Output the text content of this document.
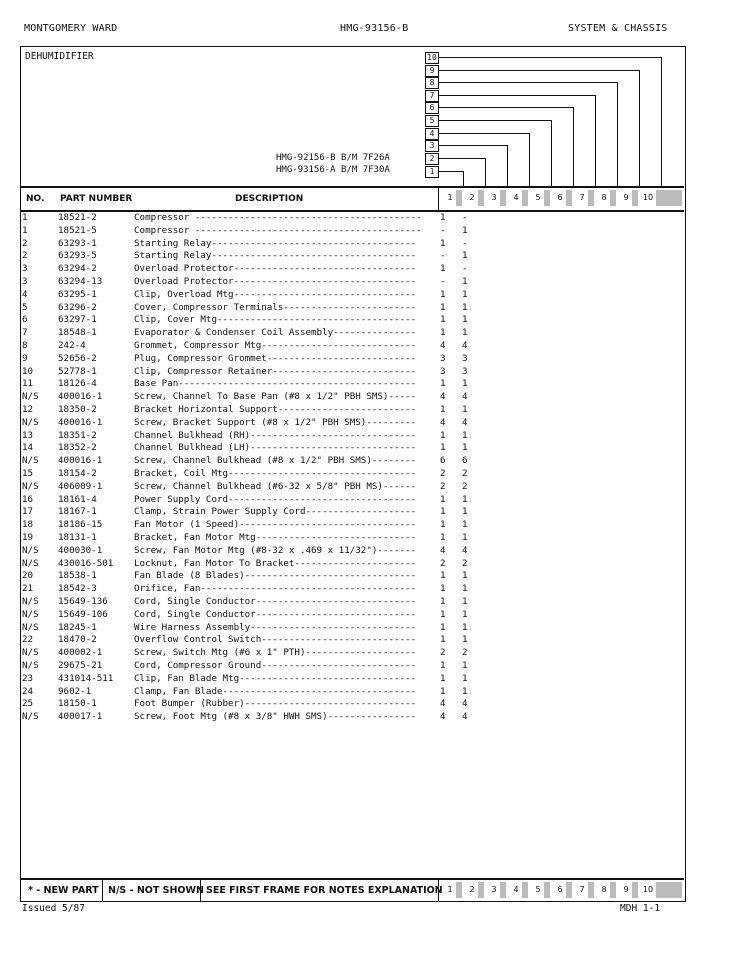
MONTGOMERY WARD	HMG-93156-B	SYSTEM & CHASSIS
DEHUMIDIFIER
HMG-92156-B B/M 7F26A
HMG-93156-A B/M 7F30A
10
9
8
7
6
5
4
3
2
1
NO. PART NUMBER	DESCRIPTION	1	2	3	4	5	6	7	8	9	10
1	18521-2	Compressor ----------------------------------------- 1 -
1	18521-5	Compressor ----------------------------------------- - 1
2	63293-1	Starting Relay-------------------------------------	1 -
2	63293-5	Starting Relay-------------------------------------	- 1
3	63294-2	Overload Protector---------------------------------	1 -
3	63294-13	Overload Protector---------------------------------	- 1
4	63295-1	Clip, Overload Mtg---------------------------------	1 1
5	63296-2	Cover, Compressor Terminals------------------------	1 1
6	63297-1	Clip, Cover Mtg------------------------------------	1 1
7	18548-1	Evaporator & Condenser Coil Assembly---------------	1 1
8	242-4	Grommet, Compressor Mtg----------------------------	4 4
9	52656-2	Plug, Compressor Grommet---------------------------	3 3
10	52778-1	Clip, Compressor Retainer--------------------------	3 3
11	18126-4	Base Pan-------------------------------------------	1 1
N/S 400016-1	Screw, Channel To Base Pan (#8 x 1/2" PBH SMS)-----	4 4
12	18350-2	Bracket Horizontal Support-------------------------	1 1
N/S 400016-1	Screw, Bracket Support (#8 x 1/2" PBH SMS)---------	4 4
13	18351-2	Channel Bulkhead (RH)------------------------------	1 1
14	18352-2	Channel Bulkhead (LH)------------------------------	1 1
N/S 400016-1	Screw, Channel Bulkhead (#8 x 1/2" PBH SMS)--------	6 6
15	18154-2	Bracket, Coil Mtg----------------------------------	2 2
N/S 406009-1	Screw, Channel Bulkhead (#6-32 x 5/8" PBH MS)------	2 2
16	18161-4	Power Supply Cord----------------------------------	1 1
17	18167-1	Clamp, Strain Power Supply Cord--------------------	1 1
18	18186-15	Fan Motor (1 Speed)--------------------------------	1 1
19	18131-1	Bracket, Fan Motor Mtg-----------------------------	1 1
N/S 400030-1	Screw, Fan Motor Mtg (#8-32 x .469 x 11/32")-------	4 4
N/S 430016-501 Locknut, Fan Motor To Bracket----------------------	2 2
20	18538-1	Fan Blade (8 Blades)-------------------------------	1 1
21	18542-3	Orifice, Fan---------------------------------------	1 1
N/S 15649-136	Cord, Single Conductor-----------------------------	1 1
N/S 15649-106	Cord, Single Conductor-----------------------------	1 1
N/S 18245-1	Wire Harness Assembly------------------------------	1 1
22	18470-2	Overflow Control Switch----------------------------	1 1
N/S 400002-1	Screw, Switch Mtg (#6 x 1" PTH)--------------------	2 2
N/S 29675-21	Cord, Compressor Ground----------------------------	1 1
23	431014-511 Clip, Fan Blade Mtg--------------------------------	1 1
24	9602-1	Clamp, Fan Blade-----------------------------------	1 1
25	18150-1	Foot Bumper (Rubber)-------------------------------	4 4
N/S 400017-1	Screw, Foot Mtg (#8 x 3/8" HWH SMS)----------------	4 4
* - NEW PART N/S - NOT SHOWN SEE FIRST FRAME FOR NOTES EXPLANATION 1	2	3	4	5	6	7	8	9	10
Issued 5/87	MDH 1-1
